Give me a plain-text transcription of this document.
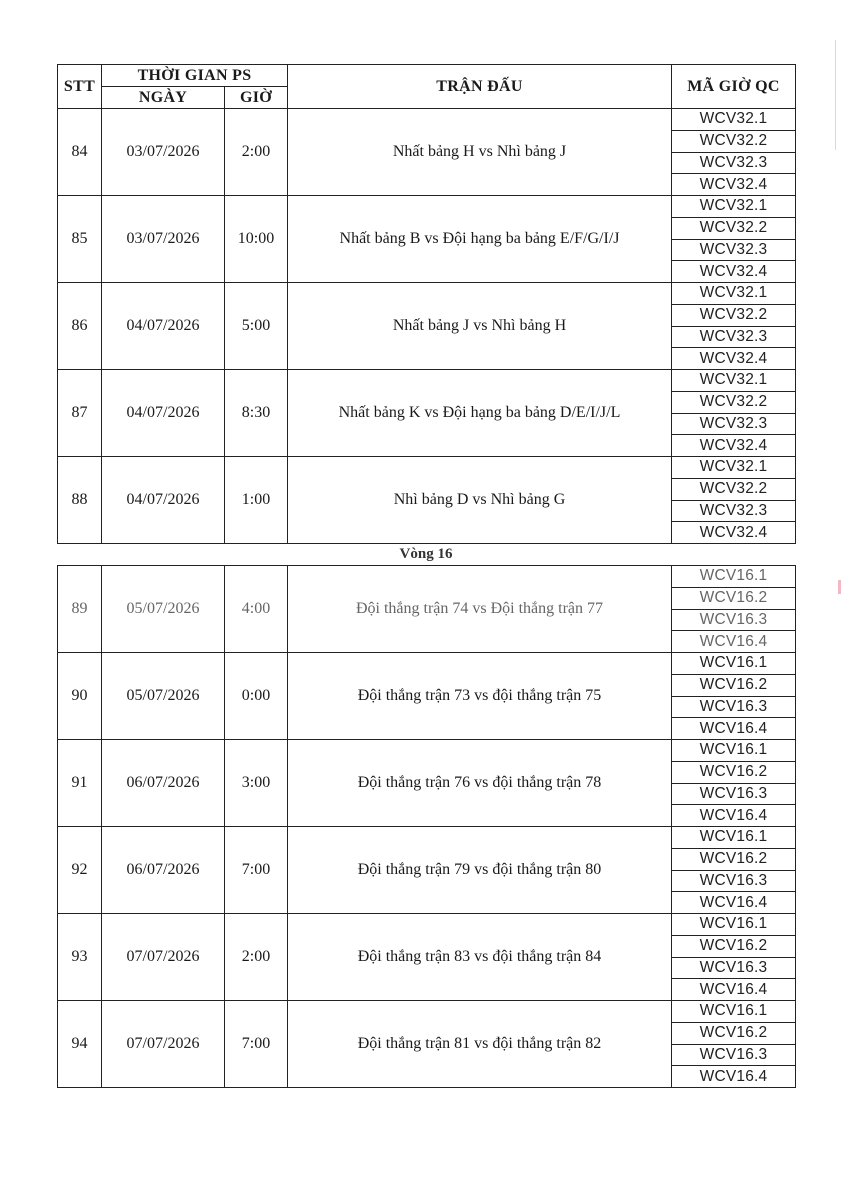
STT	THỜI GIAN PS		TRẬN ĐẤU	MÃ GIỜ QC
	NGÀY	GIỜ		
84	03/07/2026	2:00	Nhất bảng H vs Nhì bảng J	WCV32.1
				WCV32.2
				WCV32.3
				WCV32.4
85	03/07/2026	10:00	Nhất bảng B vs Đội hạng ba bảng E/F/G/I/J	WCV32.1
				WCV32.2
				WCV32.3
				WCV32.4
86	04/07/2026	5:00	Nhất bảng J vs Nhì bảng H	WCV32.1
				WCV32.2
				WCV32.3
				WCV32.4
87	04/07/2026	8:30	Nhất bảng K vs Đội hạng ba bảng D/E/I/J/L	WCV32.1
				WCV32.2
				WCV32.3
				WCV32.4
88	04/07/2026	1:00	Nhì bảng D vs Nhì bảng G	WCV32.1
				WCV32.2
				WCV32.3
				WCV32.4
Vòng 16
89	05/07/2026	4:00	Đội thắng trận 74 vs Đội thắng trận 77	WCV16.1
				WCV16.2
				WCV16.3
				WCV16.4
90	05/07/2026	0:00	Đội thắng trận 73 vs đội thắng trận 75	WCV16.1
				WCV16.2
				WCV16.3
				WCV16.4
91	06/07/2026	3:00	Đội thắng trận 76 vs đội thắng trận 78	WCV16.1
				WCV16.2
				WCV16.3
				WCV16.4
92	06/07/2026	7:00	Đội thắng trận 79 vs đội thắng trận 80	WCV16.1
				WCV16.2
				WCV16.3
				WCV16.4
93	07/07/2026	2:00	Đội thắng trận 83 vs đội thắng trận 84	WCV16.1
				WCV16.2
				WCV16.3
				WCV16.4
94	07/07/2026	7:00	Đội thắng trận 81 vs đội thắng trận 82	WCV16.1
				WCV16.2
				WCV16.3
				WCV16.4
